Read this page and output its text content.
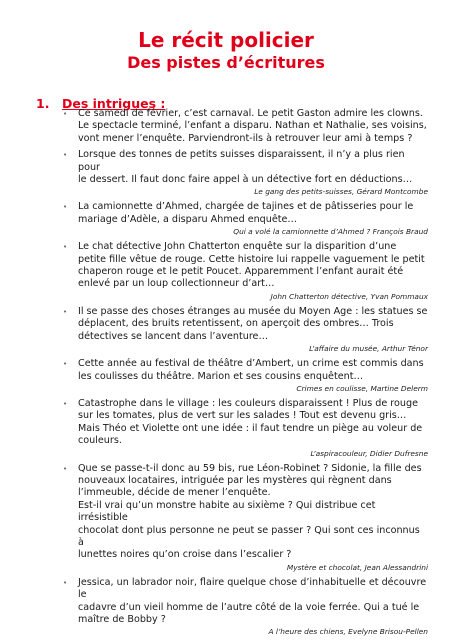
Le récit policier
Des pistes d’écritures
1. Des intrigues :
• Ce samedi de février, c’est carnaval. Le petit Gaston admire les clowns.
Le spectacle terminé, l’enfant a disparu. Nathan et Nathalie, ses voisins,
vont mener l’enquête. Parviendront-ils à retrouver leur ami à temps ?

• Lorsque des tonnes de petits suisses disparaissent, il n’y a plus rien pour
le dessert. Il faut donc faire appel à un détective fort en déductions…

Le gang des petits-suisses, Gérard Montcombe
• La camionnette d’Ahmed, chargée de tajines et de pâtisseries pour le
mariage d’Adèle, a disparu Ahmed enquête…

Qui a volé la camionnette d’Ahmed ? François Braud
• Le chat détective John Chatterton enquête sur la disparition d’une
petite fille vêtue de rouge. Cette histoire lui rappelle vaguement le petit
chaperon rouge et le petit Poucet. Apparemment l’enfant aurait été
enlevé par un loup collectionneur d’art…

John Chatterton détective, Yvan Pommaux
• Il se passe des choses étranges au musée du Moyen Age : les statues se
déplacent, des bruits retentissent, on aperçoit des ombres… Trois
détectives se lancent dans l’aventure…

L’affaire du musée, Arthur Ténor
• Cette année au festival de théâtre d’Ambert, un crime est commis dans
les coulisses du théâtre. Marion et ses cousins enquêtent…

Crimes en coulisse, Martine Delerm
• Catastrophe dans le village : les couleurs disparaissent ! Plus de rouge
sur les tomates, plus de vert sur les salades ! Tout est devenu gris…
Mais Théo et Violette ont une idée : il faut tendre un piège au voleur de
couleurs.

L’aspiracouleur, Didier Dufresne
• Que se passe-t-il donc au 59 bis, rue Léon-Robinet ? Sidonie, la fille des
nouveaux locataires, intriguée par les mystères qui règnent dans
l’immeuble, décide de mener l’enquête.
Est-il vrai qu’un monstre habite au sixième ? Qui distribue cet irrésistible
chocolat dont plus personne ne peut se passer ? Qui sont ces inconnus à
lunettes noires qu’on croise dans l’escalier ?

Mystère et chocolat, Jean Alessandrini
• Jessica, un labrador noir, flaire quelque chose d’inhabituelle et découvre le
cadavre d’un vieil homme de l’autre côté de la voie ferrée. Qui a tué le
maître de Bobby ?

A l’heure des chiens, Evelyne Brisou-Pellen
